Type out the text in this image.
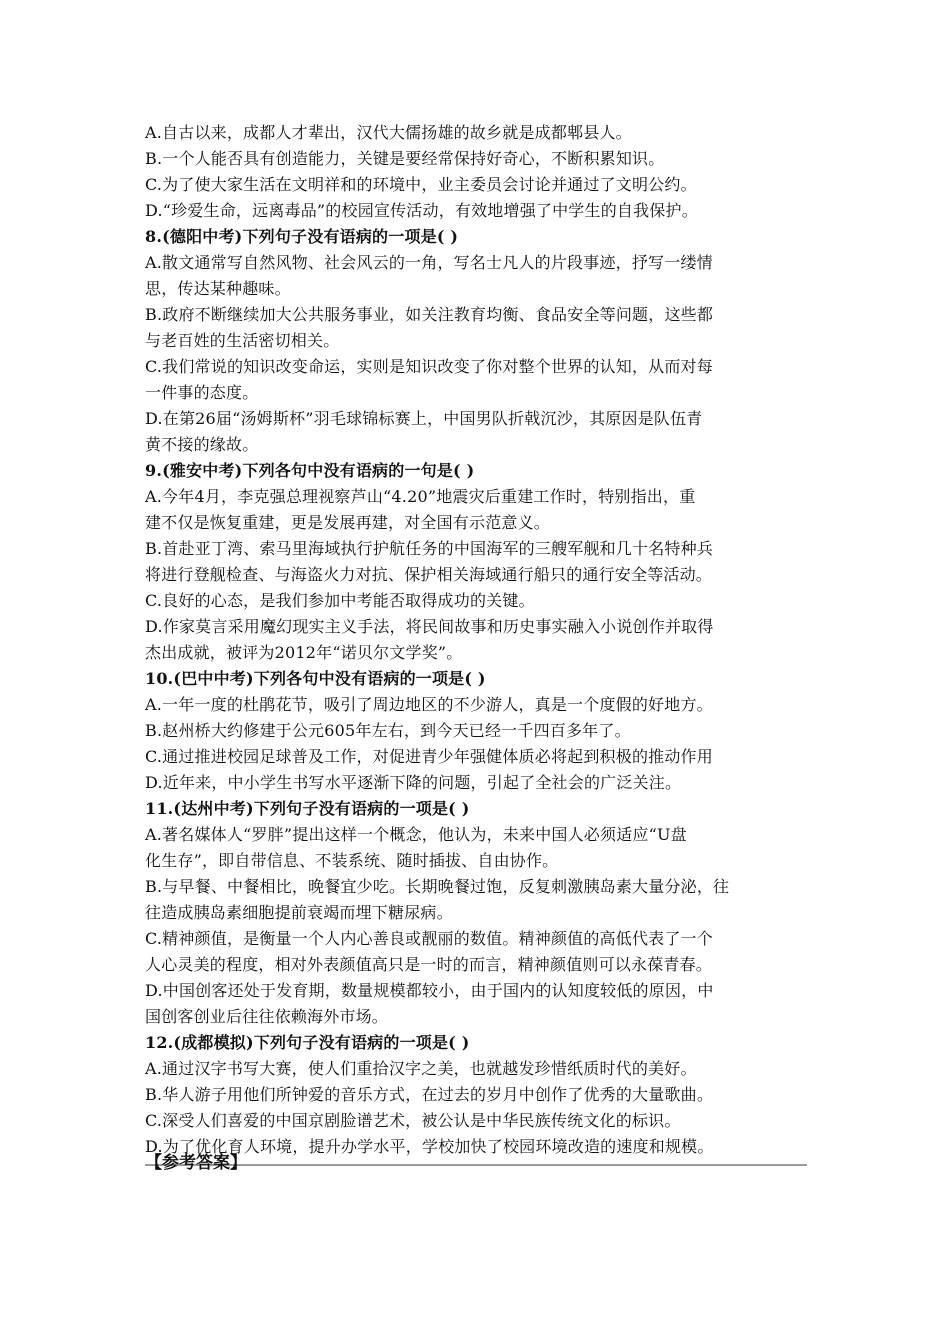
A.自古以来，成都人才辈出，汉代大儒扬雄的故乡就是成都郫县人。
B.一个人能否具有创造能力，关键是要经常保持好奇心，不断积累知识。
C.为了使大家生活在文明祥和的环境中，业主委员会讨论并通过了文明公约。
D.“珍爱生命，远离毒品”的校园宣传活动，有效地增强了中学生的自我保护。
8.(德阳中考)下列句子没有语病的一项是( )
A.散文通常写自然风物、社会风云的一角，写名士凡人的片段事迹，抒写一缕情
思，传达某种趣味。
B.政府不断继续加大公共服务事业，如关注教育均衡、食品安全等问题，这些都
与老百姓的生活密切相关。
C.我们常说的知识改变命运，实则是知识改变了你对整个世界的认知，从而对每
一件事的态度。
D.在第26届“汤姆斯杯”羽毛球锦标赛上，中国男队折戟沉沙，其原因是队伍青
黄不接的缘故。
9.(雅安中考)下列各句中没有语病的一句是( )
A.今年4月，李克强总理视察芦山“4.20”地震灾后重建工作时，特别指出，重
建不仅是恢复重建，更是发展再建，对全国有示范意义。
B.首赴亚丁湾、索马里海域执行护航任务的中国海军的三艘军舰和几十名特种兵
将进行登舰检查、与海盗火力对抗、保护相关海域通行船只的通行安全等活动。
C.良好的心态，是我们参加中考能否取得成功的关键。
D.作家莫言采用魔幻现实主义手法，将民间故事和历史事实融入小说创作并取得
杰出成就，被评为2012年“诺贝尔文学奖”。
10.(巴中中考)下列各句中没有语病的一项是( )
A.一年一度的杜鹃花节，吸引了周边地区的不少游人，真是一个度假的好地方。
B.赵州桥大约修建于公元605年左右，到今天已经一千四百多年了。
C.通过推进校园足球普及工作，对促进青少年强健体质必将起到积极的推动作用
D.近年来，中小学生书写水平逐渐下降的问题，引起了全社会的广泛关注。
11.(达州中考)下列句子没有语病的一项是( )
A.著名媒体人“罗胖”提出这样一个概念，他认为，未来中国人必须适应“U盘
化生存”，即自带信息、不装系统、随时插拔、自由协作。
B.与早餐、中餐相比，晚餐宜少吃。长期晚餐过饱，反复刺激胰岛素大量分泌，往
往造成胰岛素细胞提前衰竭而埋下糖尿病。
C.精神颜值，是衡量一个人内心善良或靓丽的数值。精神颜值的高低代表了一个
人心灵美的程度，相对外表颜值高只是一时的而言，精神颜值则可以永葆青春。
D.中国创客还处于发育期，数量规模都较小，由于国内的认知度较低的原因，中
国创客创业后往往依赖海外市场。
12.(成都模拟)下列句子没有语病的一项是( )
A.通过汉字书写大赛，使人们重拾汉字之美，也就越发珍惜纸质时代的美好。
B.华人游子用他们所钟爱的音乐方式，在过去的岁月中创作了优秀的大量歌曲。
C.深受人们喜爱的中国京剧脸谱艺术，被公认是中华民族传统文化的标识。
D.为了优化育人环境，提升办学水平，学校加快了校园环境改造的速度和规模。
【参考答案】
